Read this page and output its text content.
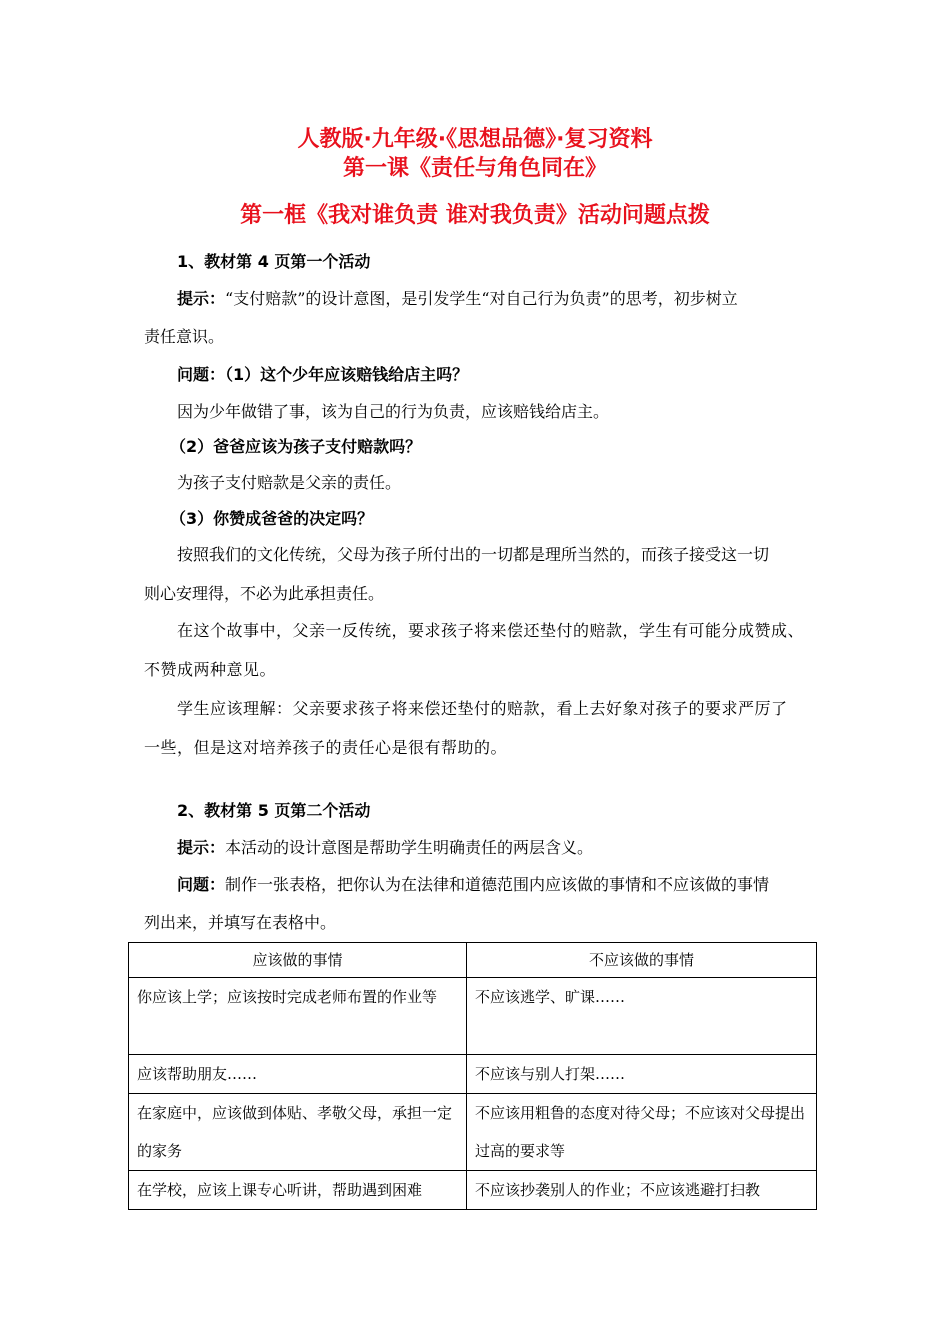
人教版·九年级·《思想品德》·复习资料
第一课《责任与角色同在》
第一框《我对谁负责 谁对我负责》活动问题点拨
1、教材第 4 页第一个活动
提示：“支付赔款”的设计意图，是引发学生“对自己行为负责”的思考，初步树立
责任意识。
问题：（1）这个少年应该赔钱给店主吗？
因为少年做错了事，该为自己的行为负责，应该赔钱给店主。
（2）爸爸应该为孩子支付赔款吗？
为孩子支付赔款是父亲的责任。
（3）你赞成爸爸的决定吗？
按照我们的文化传统，父母为孩子所付出的一切都是理所当然的，而孩子接受这一切
则心安理得，不必为此承担责任。
在这个故事中，父亲一反传统，要求孩子将来偿还垫付的赔款，学生有可能分成赞成、
不赞成两种意见。
学生应该理解：父亲要求孩子将来偿还垫付的赔款，看上去好象对孩子的要求严厉了
一些，但是这对培养孩子的责任心是很有帮助的。
2、教材第 5 页第二个活动
提示：本活动的设计意图是帮助学生明确责任的两层含义。
问题：制作一张表格，把你认为在法律和道德范围内应该做的事情和不应该做的事情
列出来，并填写在表格中。
应该做的事情	不应该做的事情
你应该上学；应该按时完成老师布置的作业等	不应该逃学、旷课……
应该帮助朋友……	不应该与别人打架……
在家庭中，应该做到体贴、孝敬父母，承担一定的家务	不应该用粗鲁的态度对待父母；不应该对父母提出过高的要求等
在学校，应该上课专心听讲，帮助遇到困难	不应该抄袭别人的作业；不应该逃避打扫教
